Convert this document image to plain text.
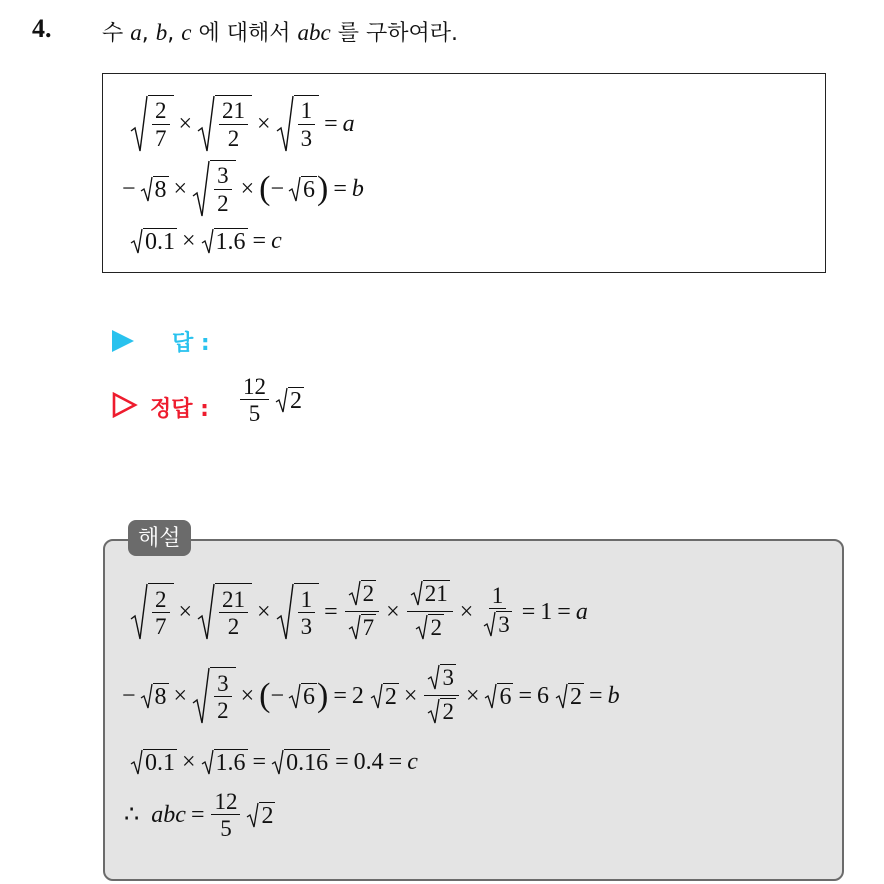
4. 수 a, b, c 에 대해서 abc 를 구하여라.
$\frac{2}{7} \times \frac{21}{2} \times \frac{1}{3} = a$
− $8 \times \frac{3}{2}$ × ( − 6 ) = b
0.1 × 1.6 = c
답 :
정답 : $\frac{12}{5} 2$
해설
$\frac{2}{7} \times \frac{21}{2} \times \frac{1}{3} = \frac{2}{7} \times \frac{21}{2} \times \frac{1}{3} = 1 = a$
− $8 \times \frac{3}{2}$ × ( − 6 ) = 2 $2 \times \frac{3}{2} \times 6 = 6$ 2 = b
0.1 × 1.6 = 0.16 = 0.4 = c
∴ abc = $\frac{12}{5} 2$
